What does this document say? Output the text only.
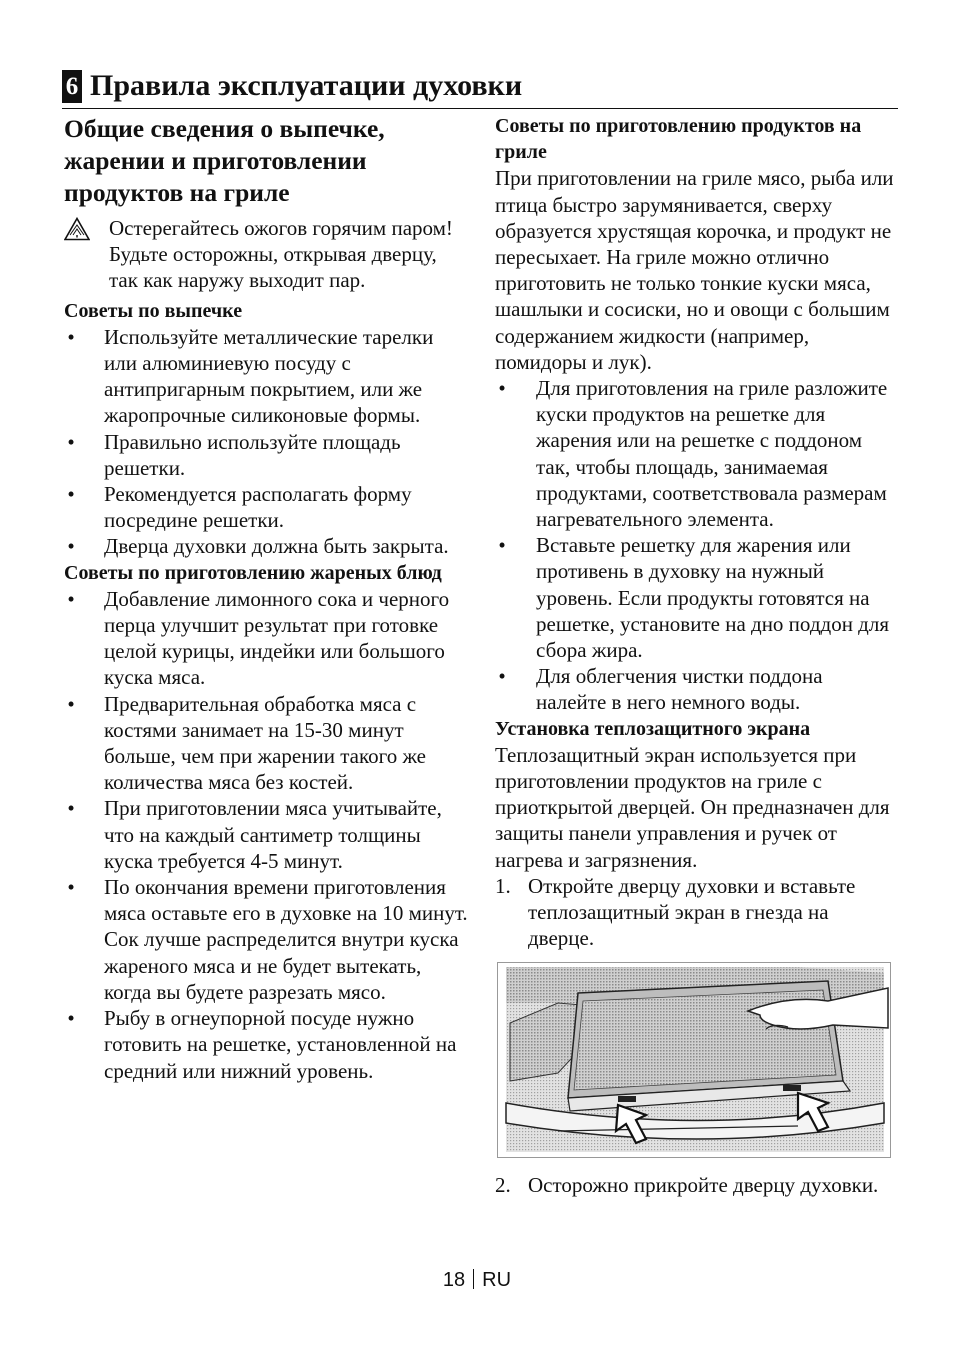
6 Правила эксплуатации духовки
Общие сведения о выпечке, жарении и приготовлении продуктов на гриле

Остерегайтесь ожогов горячим паром!

Будьте осторожны, открывая дверцу, так как наружу выходит пар.

Советы по выпечке
• Используйте металлические тарелки или алюминиевую посуду с антипригарным покрытием, или же жаропрочные силиконовые формы.
• Правильно используйте площадь решетки.
• Рекомендуется располагать форму посредине решетки.
• Дверца духовки должна быть закрыта.
Советы по приготовлению жареных блюд
• Добавление лимонного сока и черного перца улучшит результат при готовке целой курицы, индейки или большого куска мяса.
• Предварительная обработка мяса с костями занимает на 15-30 минут больше, чем при жарении такого же количества мяса без костей.
• При приготовлении мяса учитывайте, что на каждый сантиметр толщины куска требуется 4-5 минут.
• По окончания времени приготовления мяса оставьте его в духовке на 10 минут. Сок лучше распределится внутри куска жареного мяса и не будет вытекать, когда вы будете разрезать мясо.
• Рыбу в огнеупорной посуде нужно готовить на решетке, установленной на средний или нижний уровень.
Советы по приготовлению продуктов на гриле

При приготовлении на гриле мясо, рыба или птица быстро зарумянивается, сверху образуется хрустящая корочка, и продукт не пересыхает. На гриле можно отлично приготовить не только тонкие куски мяса, шашлыки и сосиски, но и овощи с большим содержанием жидкости (например, помидоры и лук).

• Для приготовления на гриле разложите куски продуктов на решетке для жарения или на решетке с поддоном так, чтобы площадь, занимаемая продуктами, соответствовала размерам нагревательного элемента.
• Вставьте решетку для жарения или противень в духовку на нужный уровень. Если продукты готовятся на решетке, установите на дно поддон для сбора жира.
• Для облегчения чистки поддона налейте в него немного воды.
Установка теплозащитного экрана

Теплозащитный экран используется при приготовлении продуктов на гриле с приоткрытой дверцей. Он предназначен для защиты панели управления и ручек от нагрева и загрязнения.

1. Откройте дверцу духовки и вставьте теплозащитный экран в гнезда на дверце.
2. Осторожно прикройте дверцу духовки.
18 RU
